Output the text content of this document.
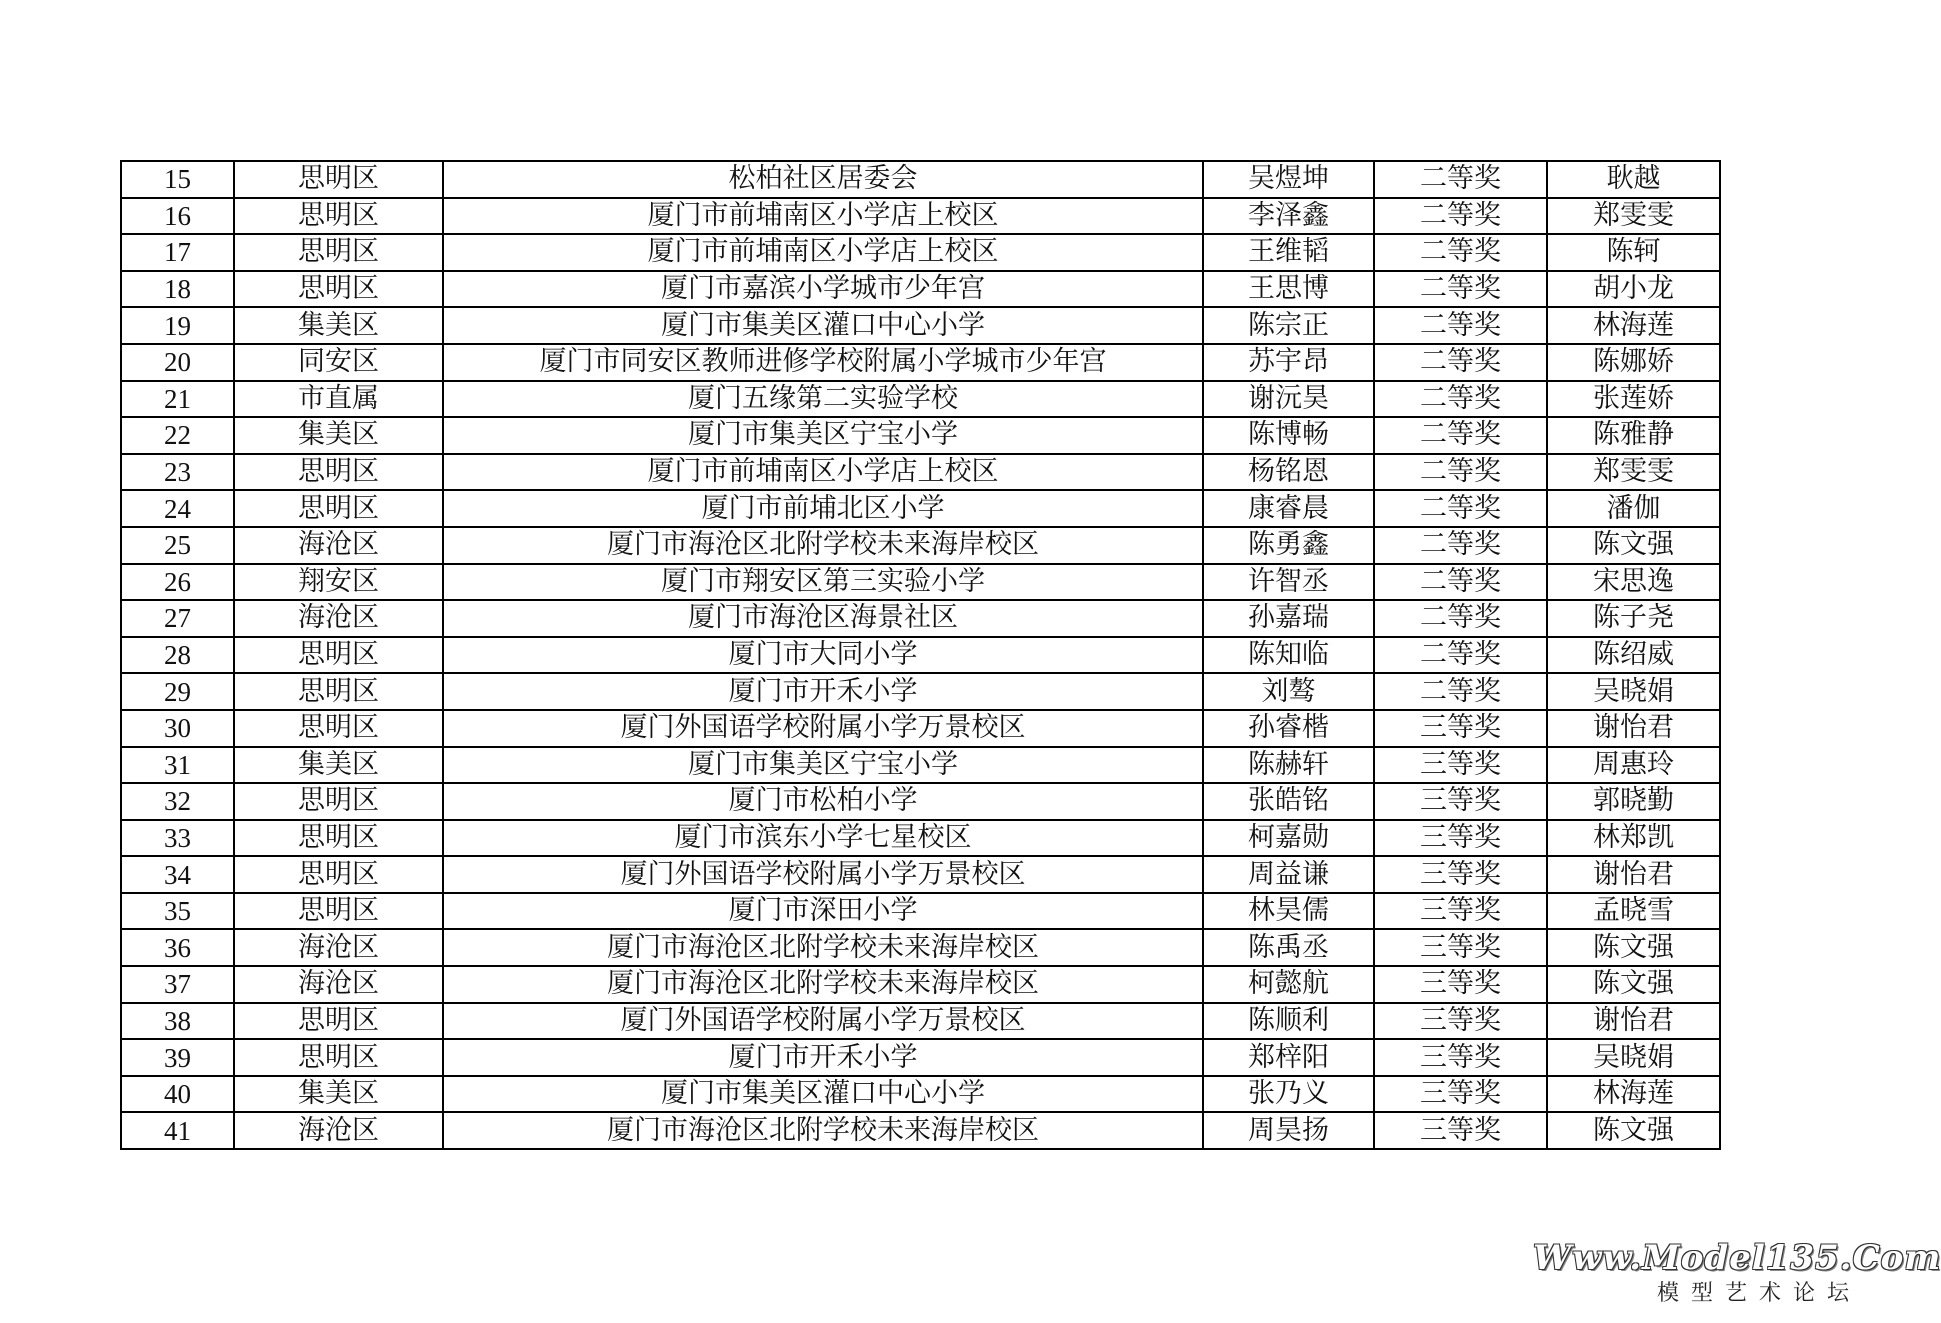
15	思明区	松柏社区居委会	吴煜坤	二等奖	耿越
16	思明区	厦门市前埔南区小学店上校区	李泽鑫	二等奖	郑雯雯
17	思明区	厦门市前埔南区小学店上校区	王维韬	二等奖	陈轲
18	思明区	厦门市嘉滨小学城市少年宫	王思博	二等奖	胡小龙
19	集美区	厦门市集美区灌口中心小学	陈宗正	二等奖	林海莲
20	同安区	厦门市同安区教师进修学校附属小学城市少年宫	苏宇昂	二等奖	陈娜娇
21	市直属	厦门五缘第二实验学校	谢沅昊	二等奖	张莲娇
22	集美区	厦门市集美区宁宝小学	陈博畅	二等奖	陈雅静
23	思明区	厦门市前埔南区小学店上校区	杨铭恩	二等奖	郑雯雯
24	思明区	厦门市前埔北区小学	康睿晨	二等奖	潘伽
25	海沧区	厦门市海沧区北附学校未来海岸校区	陈勇鑫	二等奖	陈文强
26	翔安区	厦门市翔安区第三实验小学	许智丞	二等奖	宋思逸
27	海沧区	厦门市海沧区海景社区	孙嘉瑞	二等奖	陈子尧
28	思明区	厦门市大同小学	陈知临	二等奖	陈绍威
29	思明区	厦门市开禾小学	刘骜	二等奖	吴晓娟
30	思明区	厦门外国语学校附属小学万景校区	孙睿楷	三等奖	谢怡君
31	集美区	厦门市集美区宁宝小学	陈赫轩	三等奖	周惠玲
32	思明区	厦门市松柏小学	张皓铭	三等奖	郭晓勤
33	思明区	厦门市滨东小学七星校区	柯嘉勋	三等奖	林郑凯
34	思明区	厦门外国语学校附属小学万景校区	周益谦	三等奖	谢怡君
35	思明区	厦门市深田小学	林昊儒	三等奖	孟晓雪
36	海沧区	厦门市海沧区北附学校未来海岸校区	陈禹丞	三等奖	陈文强
37	海沧区	厦门市海沧区北附学校未来海岸校区	柯懿航	三等奖	陈文强
38	思明区	厦门外国语学校附属小学万景校区	陈顺利	三等奖	谢怡君
39	思明区	厦门市开禾小学	郑梓阳	三等奖	吴晓娟
40	集美区	厦门市集美区灌口中心小学	张乃义	三等奖	林海莲
41	海沧区	厦门市海沧区北附学校未来海岸校区	周昊扬	三等奖	陈文强
Www.Model135.Com
模型艺术论坛
